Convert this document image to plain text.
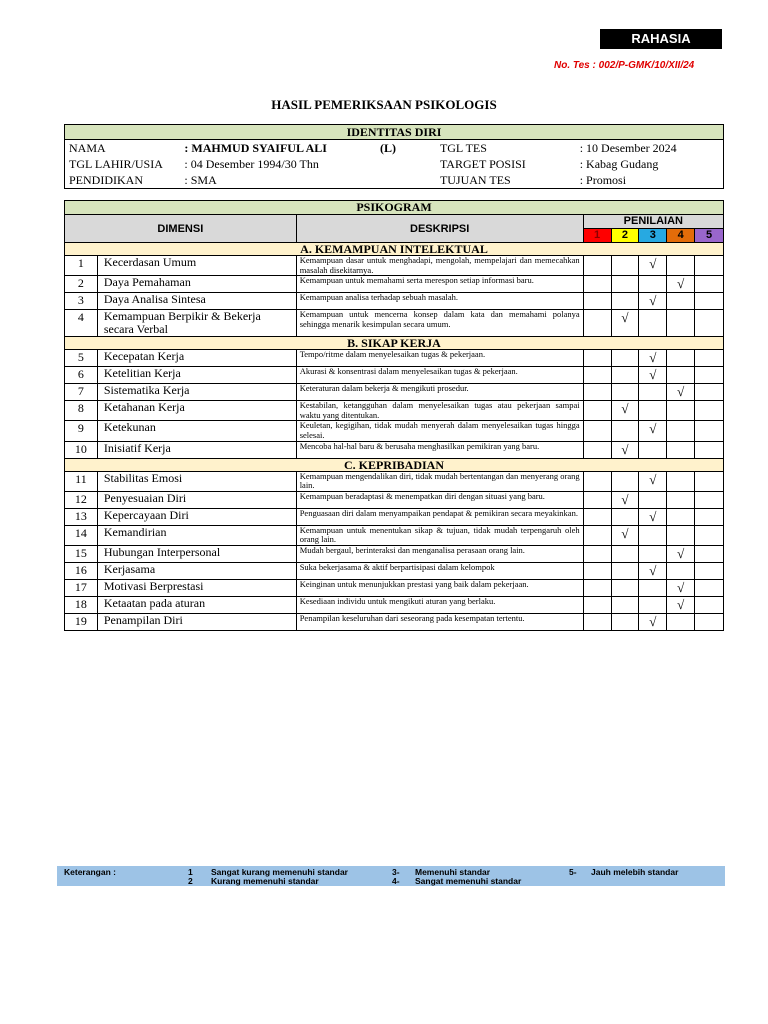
RAHASIA
No. Tes : 002/P-GMK/10/XII/24
HASIL PEMERIKSAAN PSIKOLOGIS
IDENTITAS DIRI				
NAMA	: MAHMUD SYAIFUL ALI	(L)	TGL TES	: 10 Desember 2024
TGL LAHIR/USIA	: 04 Desember 1994/30 Thn		TARGET POSISI	: Kabag Gudang
PENDIDIKAN	: SMA		TUJUAN TES	: Promosi
PSIKOGRAM							
DIMENSI		DESKRIPSI	PENILAIAN				
			1	2	3	4	5
A. KEMAMPUAN INTELEKTUAL							
1	Kecerdasan Umum	Kemampuan dasar untuk menghadapi, mengolah, mempelajari dan memecahkan masalah disekitarnya.			√		
2	Daya Pemahaman	Kemampuan untuk memahami serta merespon setiap informasi baru.				√	
3	Daya Analisa Sintesa	Kemampuan analisa terhadap sebuah masalah.			√		
4	Kemampuan Berpikir & Bekerja secara Verbal	Kemampuan untuk mencerna konsep dalam kata dan memahami polanya sehingga menarik kesimpulan secara umum.		√			
B. SIKAP KERJA							
5	Kecepatan Kerja	Tempo/ritme dalam menyelesaikan tugas & pekerjaan.			√		
6	Ketelitian Kerja	Akurasi & konsentrasi dalam menyelesaikan tugas & pekerjaan.			√		
7	Sistematika Kerja	Keteraturan dalam bekerja & mengikuti prosedur.				√	
8	Ketahanan Kerja	Kestabilan, ketangguhan dalam menyelesaikan tugas atau pekerjaan sampai waktu yang ditentukan.		√			
9	Ketekunan	Keuletan, kegigihan, tidak mudah menyerah dalam menyelesaikan tugas hingga selesai.			√		
10	Inisiatif Kerja	Mencoba hal-hal baru & berusaha menghasilkan pemikiran yang baru.		√			
C. KEPRIBADIAN							
11	Stabilitas Emosi	Kemampuan mengendalikan diri, tidak mudah bertentangan dan menyerang orang lain.			√		
12	Penyesuaian Diri	Kemampuan beradaptasi & menempatkan diri dengan situasi yang baru.		√			
13	Kepercayaan Diri	Penguasaan diri dalam menyampaikan pendapat & pemikiran secara meyakinkan.			√		
14	Kemandirian	Kemampuan untuk menentukan sikap & tujuan, tidak mudah terpengaruh oleh orang lain.		√			
15	Hubungan Interpersonal	Mudah bergaul, berinteraksi dan menganalisa perasaan orang lain.				√	
16	Kerjasama	Suka bekerjasama & aktif berpartisipasi dalam kelompok			√		
17	Motivasi Berprestasi	Keinginan untuk menunjukkan prestasi yang baik dalam pekerjaan.				√	
18	Ketaatan pada aturan	Kesediaan individu untuk mengikuti aturan yang berlaku.				√	
19	Penampilan Diri	Penampilan keseluruhan dari seseorang pada kesempatan tertentu.			√		
Keterangan :	1 Sangat kurang memenuhi standar
2 Kurang memenuhi standar
3- Memenuhi standar
4- Sangat memenuhi standar
5- Jauh melebih standar
